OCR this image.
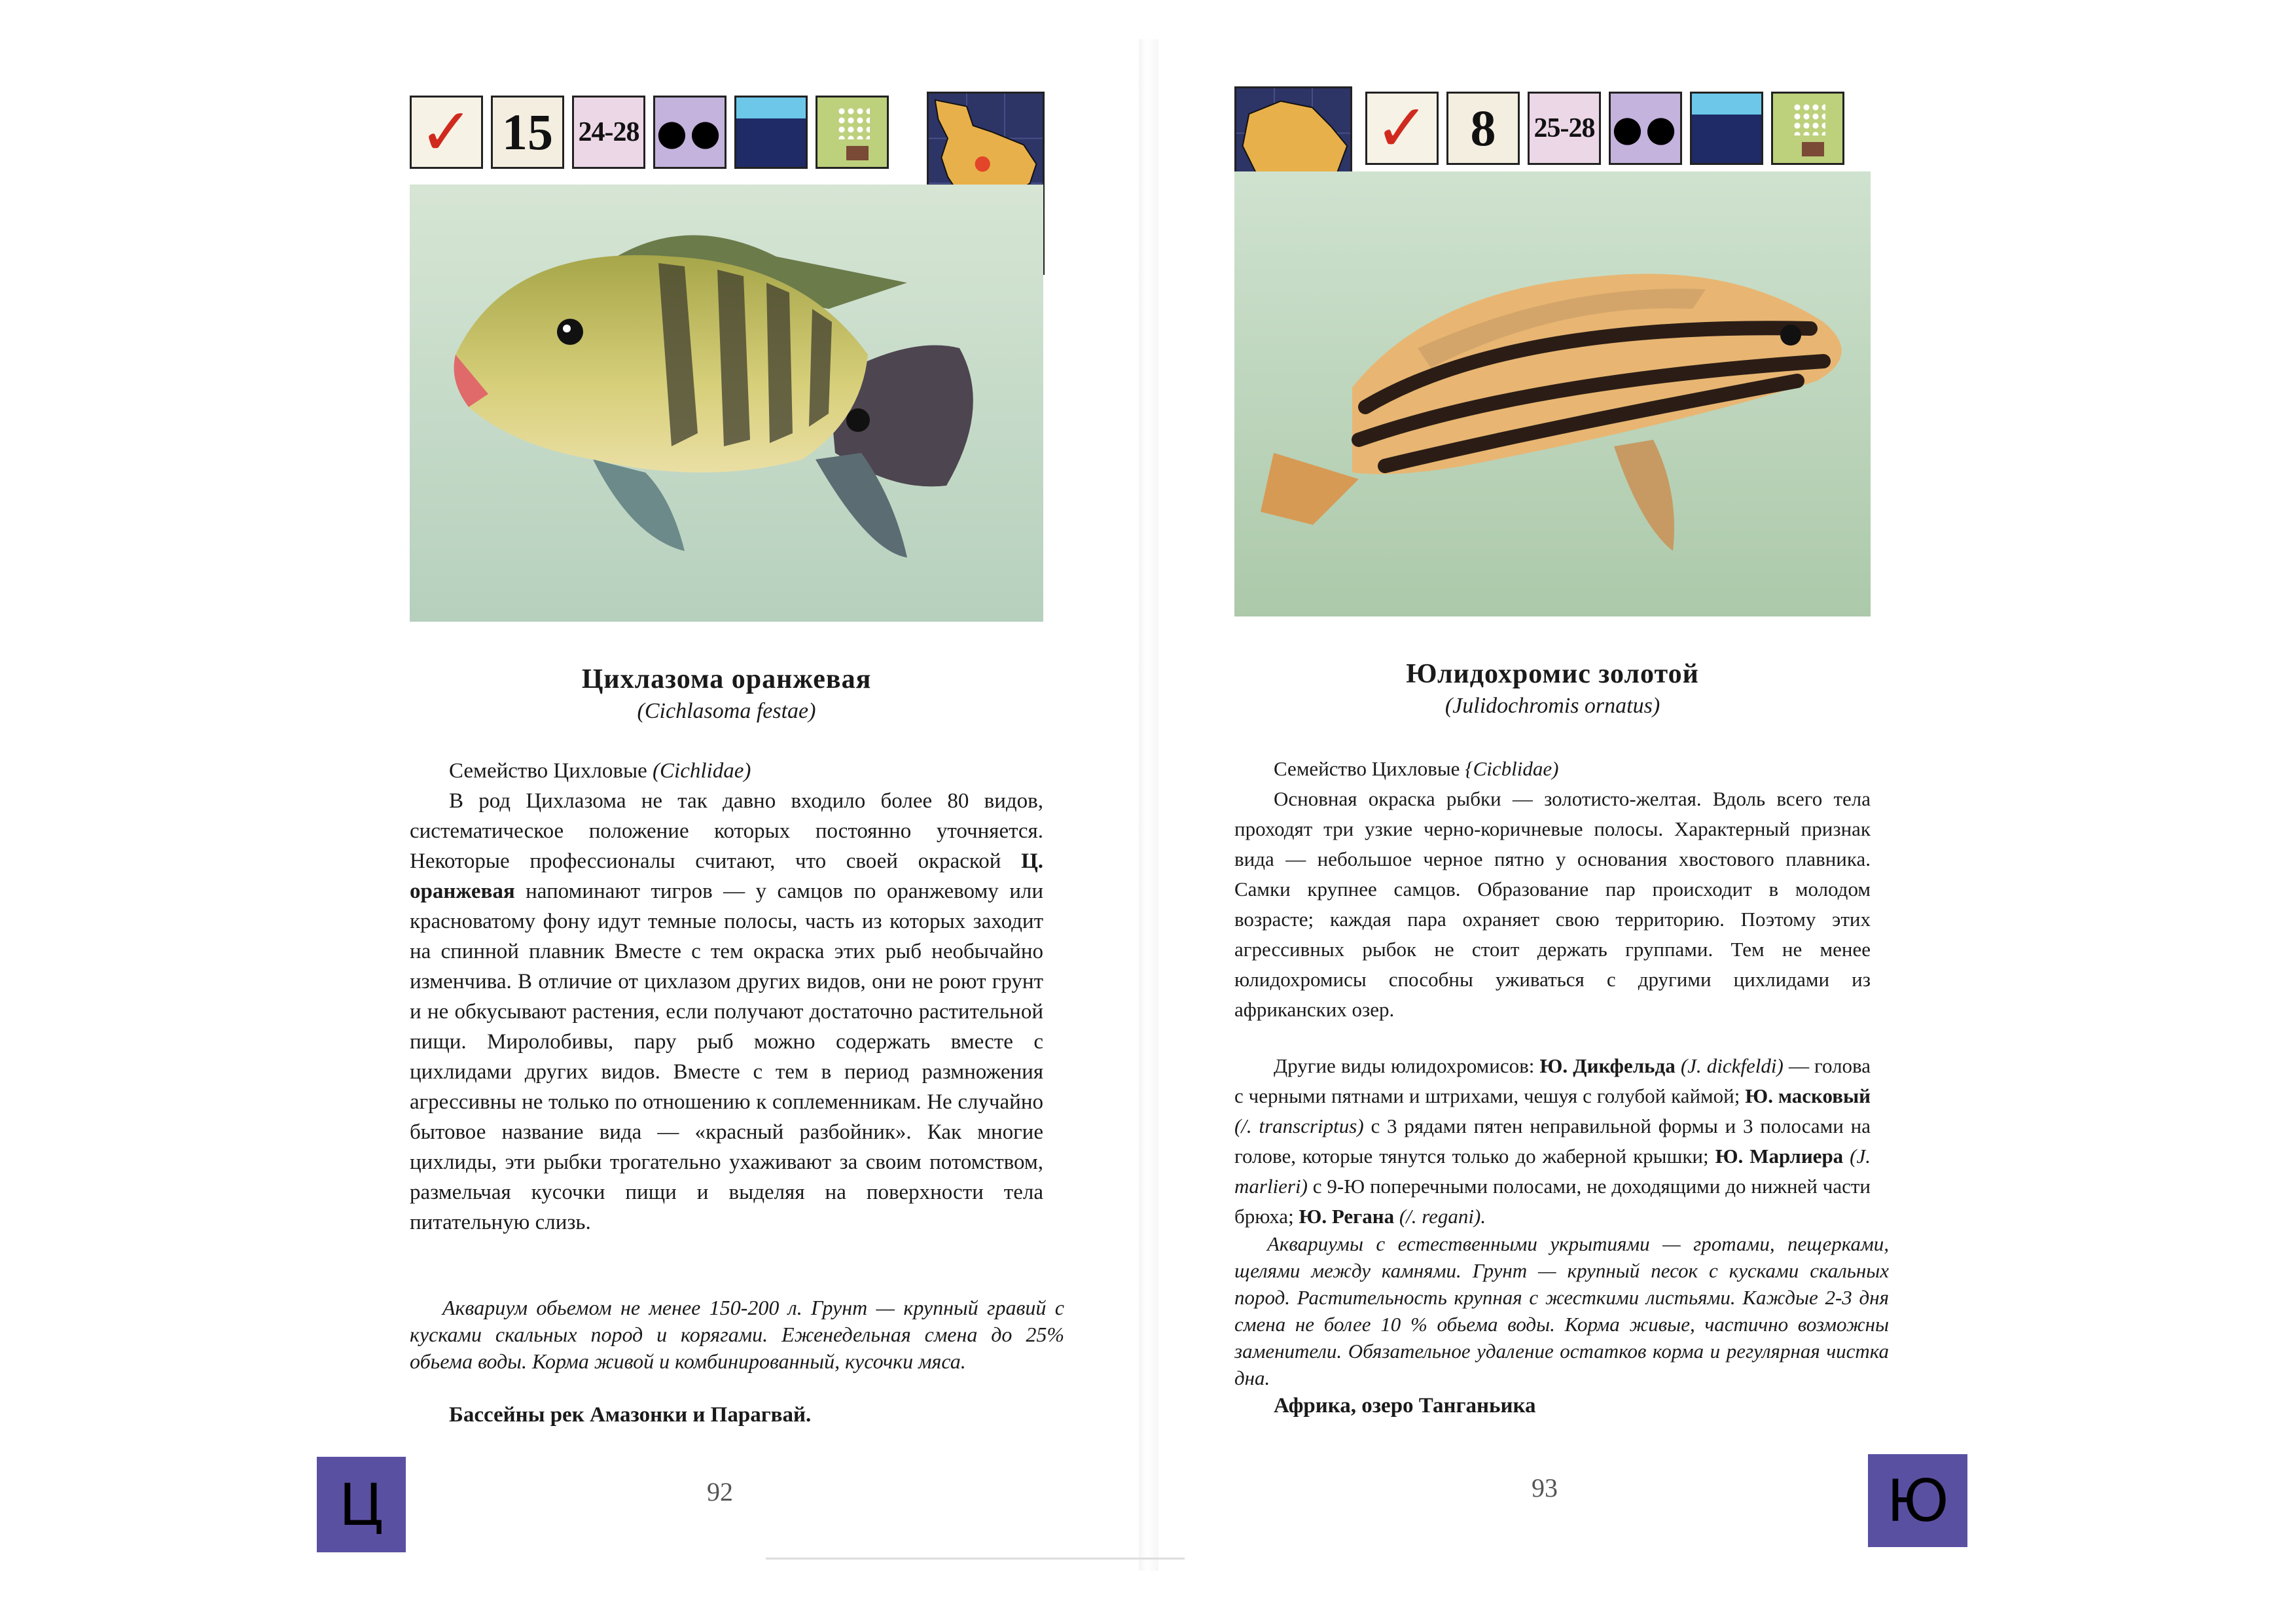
✓ 15 24-28 ●●
Цихлазома оранжевая
(Cichlasoma festae)

Семейство Цихловые (Cichlidae)

В род Цихлазома не так давно входило более 80 видов, систематическое положение которых постоянно уточняется. Некоторые профессионалы считают, что своей окраской Ц. оранжевая напоминают тигров — у самцов по оранжевому или красноватому фону идут темные полосы, часть из которых заходит на спинной плавник Вместе с тем окраска этих рыб необычайно изменчива. В отличие от цихлазом других видов, они не роют грунт и не обкусывают растения, если получают достаточно растительной пищи. Миролобивы, пару рыб можно содержать вместе с цихлидами других видов. Вместе с тем в период размножения агрессивны не только по отношению к соплеменникам. Не случайно бытовое название вида — «красный разбойник». Как многие цихлиды, эти рыбки трогательно ухаживают за своим потомством, размельчая кусочки пищи и выделяя на поверхности тела питательную слизь.

Аквариум обьемом не менее 150-200 л. Грунт — крупный гравий с кусками скальных пород и корягами. Еженедельная смена до 25% обьема воды. Корма живой и комбинированный, кусочки мяса.

Бассейны рек Амазонки и Парагвай.
92
Ц
✓ 8 25-28 ●●
Юлидохромис золотой
(Julidochromis ornatus)

Семейство Цихловые {Cicblidae)

Основная окраска рыбки — золотисто-желтая. Вдоль всего тела проходят три узкие черно-коричневые полосы. Характерный признак вида — небольшое черное пятно у основания хвостового плавника. Самки крупнее самцов. Образование пар происходит в молодом возрасте; каждая пара охраняет свою территорию. Поэтому этих агрессивных рыбок не стоит держать группами. Тем не менее юлидохромисы способны уживаться с другими цихлидами из африканских озер.

Другие виды юлидохромисов: Ю. Дикфельда (J. dickfeldi) — голова с черными пятнами и штрихами, чешуя с голубой каймой; Ю. масковый (/. transcriptus) с 3 рядами пятен неправильной формы и 3 полосами на голове, которые тянутся только до жаберной крышки; Ю. Марлиера (J. marlieri) с 9-Ю поперечными полосами, не доходящими до нижней части брюха; Ю. Регана (/. regani).

Аквариумы с естественными укрытиями — гротами, пещерками, щелями между камнями. Грунт — крупный песок с кусками скальных пород. Растительность крупная с жесткими листьями. Каждые 2-3 дня смена не более 10 % обьема воды. Корма живые, частично возможны заменители. Обязательное удаление остатков корма и регулярная чистка дна.

Африка, озеро Танганьика
93	Ю
